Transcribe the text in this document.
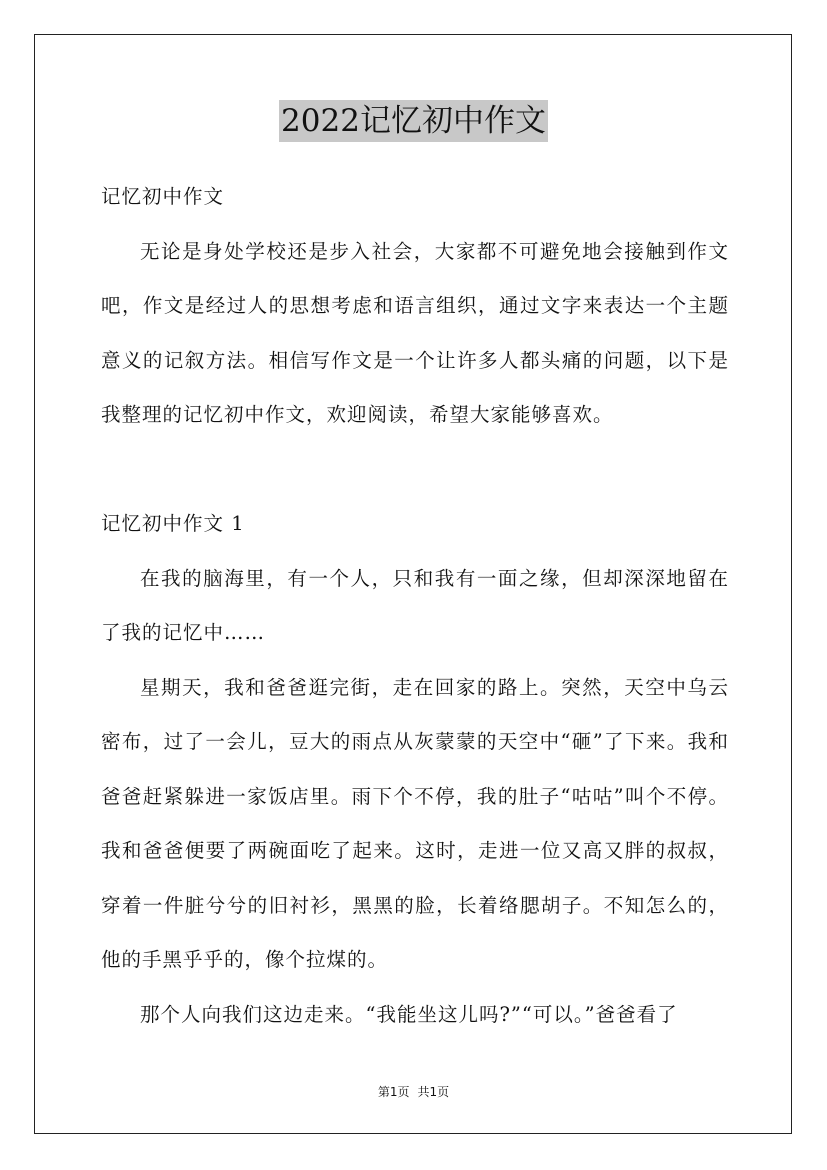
2022记忆初中作文

记忆初中作文

无论是身处学校还是步入社会，大家都不可避免地会接触到作文吧，作文是经过人的思想考虑和语言组织，通过文字来表达一个主题意义的记叙方法。相信写作文是一个让许多人都头痛的问题，以下是我整理的记忆初中作文，欢迎阅读，希望大家能够喜欢。

记忆初中作文 1

在我的脑海里，有一个人，只和我有一面之缘，但却深深地留在了我的记忆中……

星期天，我和爸爸逛完街，走在回家的路上。突然，天空中乌云密布，过了一会儿，豆大的雨点从灰蒙蒙的天空中“砸”了下来。我和爸爸赶紧躲进一家饭店里。雨下个不停，我的肚子“咕咕”叫个不停。我和爸爸便要了两碗面吃了起来。这时，走进一位又高又胖的叔叔，穿着一件脏兮兮的旧衬衫，黑黑的脸，长着络腮胡子。不知怎么的，他的手黑乎乎的，像个拉煤的。

那个人向我们这边走来。“我能坐这儿吗?”“可以。”爸爸看了

第1页 共1页
